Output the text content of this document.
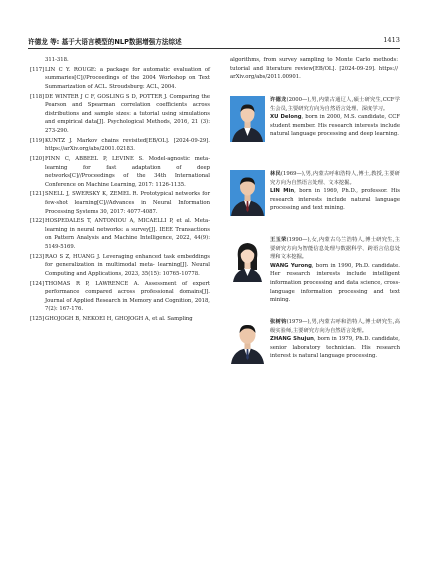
许德龙 等: 基于大语言模型的NLP数据增强方法综述	1413
311-318.
[117] LIN C Y. ROUGE: a package for automatic evaluation of summaries[C]//Proceedings of the 2004 Workshop on Text Summarization of ACL. Stroudsburg: ACL, 2004.
[118] DE WINTER J C F, GOSLING S D, POTTER J. Comparing the Pearson and Spearman correlation coefficients across distributions and sample sizes: a tutorial using simulations and empirical data[J]. Psychological Methods, 2016, 21 (3): 273-290.
[119] KUNTZ J. Markov chains revisited[EB/OL]. [2024-09-29]. https://arXiv.org/abs/2001.02183.
[120] FINN C, ABBEEL P, LEVINE S. Model-agnostic meta-learning for fast adaptation of deep networks[C]//Proceedings of the 34th International Conference on Machine Learning, 2017: 1126-1135.
[121] SNELL J, SWERSKY K, ZEMEL R. Prototypical networks for few-shot learning[C]//Advances in Neural Information Processing Systems 30, 2017: 4077-4087.
[122] HOSPEDALES T, ANTONIOU A, MICAELLI P, et al. Meta-learning in neural networks: a survey[J]. IEEE Transactions on Pattern Analysis and Machine Intelligence, 2022, 44(9): 5149-5169.
[123] RAO S Z, HUANG J. Leveraging enhanced task embeddings for generalization in multimodal meta- learning[J]. Neural Computing and Applications, 2023, 35(15): 10765-10778.
[124] THOMAS R P, LAWRENCE A. Assessment of expert performance compared across professional domains[J]. Journal of Applied Research in Memory and Cognition, 2018, 7(2): 167-176.
[125] GHOJOGH B, NEKOEI H, GHOJOGH A, et al. Sampling
algorithms, from survey sampling to Monte Carlo methods: tutorial and literature review[EB/OL]. [2024-09-29]. https:// arXiv.org/abs/2011.00901.
许德龙(2000—),男,内蒙古通辽人,硕士研究生,CCF学生会员,主要研究方向为自然语言处理、深度学习。
XU Delong, born in 2000, M.S. candidate, CCF student member. His research interests include natural language processing and deep learning.
林民(1969—),男,内蒙古呼和浩特人,博士,教授,主要研究方向为自然语言处理、文本挖掘。
LIN Min, born in 1969, Ph.D., professor. His research interests include natural language processing and text mining.
王玉荣(1990—),女,内蒙古乌兰浩特人,博士研究生,主要研究方向为智能信息处理与数据科学、跨语言信息处理和文本挖掘。
WANG Yurong, born in 1990, Ph.D. candidate. Her research interests include intelligent information processing and data science, cross-language information processing and text mining.
张树钧(1979—),男,内蒙古呼和浩特人,博士研究生,高级实验师,主要研究方向为自然语言处理。
ZHANG Shujun, born in 1979, Ph.D. candidate, senior laboratory technician. His research interest is natural language processing.
